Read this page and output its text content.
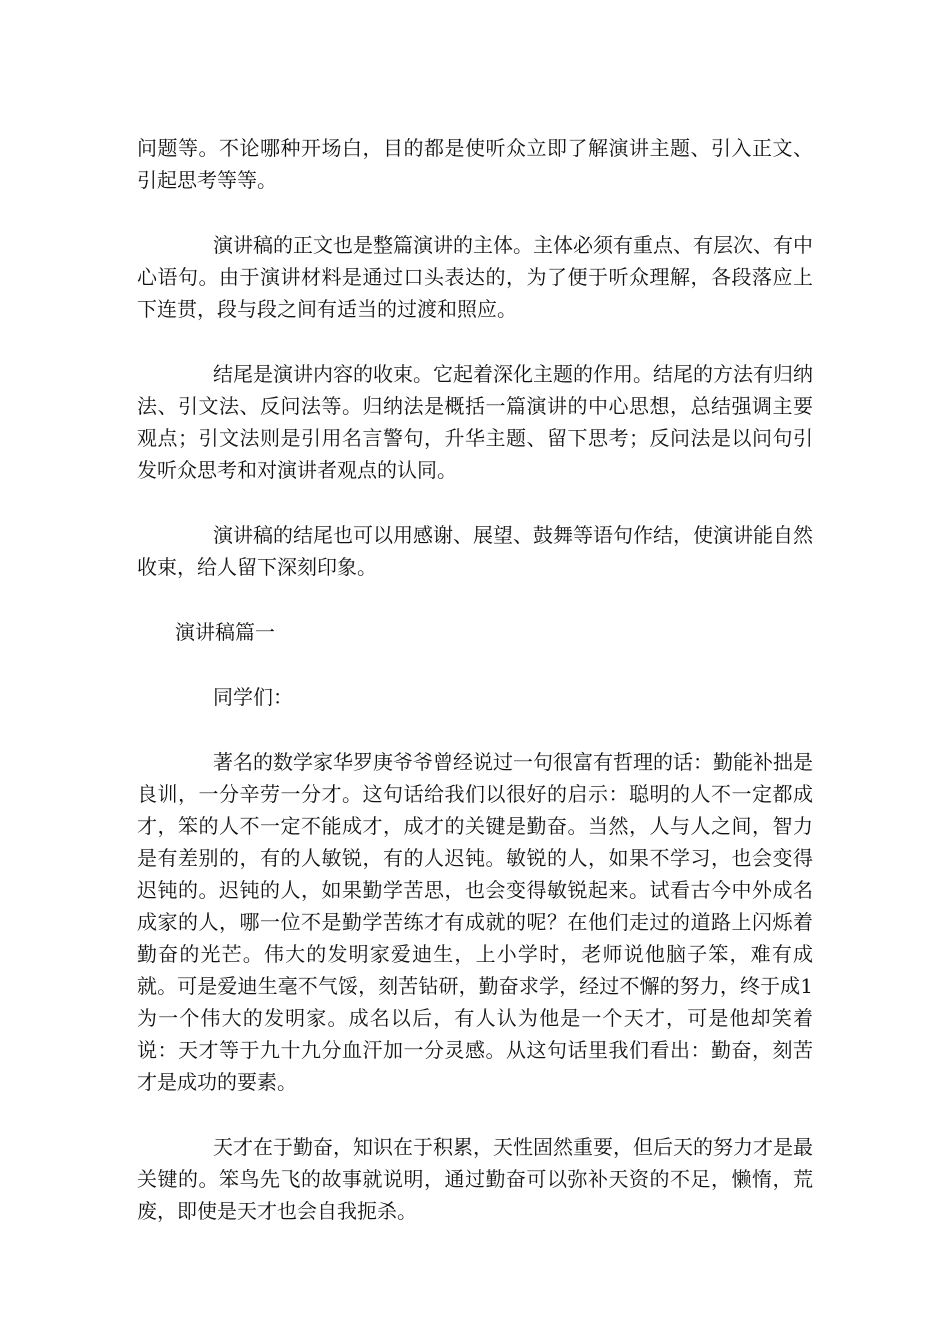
问题等。不论哪种开场白，目的都是使听众立即了解演讲主题、引入正文、引起思考等等。

演讲稿的正文也是整篇演讲的主体。主体必须有重点、有层次、有中心语句。由于演讲材料是通过口头表达的，为了便于听众理解，各段落应上下连贯，段与段之间有适当的过渡和照应。

结尾是演讲内容的收束。它起着深化主题的作用。结尾的方法有归纳法、引文法、反问法等。归纳法是概括一篇演讲的中心思想，总结强调主要观点；引文法则是引用名言警句，升华主题、留下思考；反问法是以问句引发听众思考和对演讲者观点的认同。

演讲稿的结尾也可以用感谢、展望、鼓舞等语句作结，使演讲能自然收束，给人留下深刻印象。

演讲稿篇一

同学们：

著名的数学家华罗庚爷爷曾经说过一句很富有哲理的话：勤能补拙是良训，一分辛劳一分才。这句话给我们以很好的启示：聪明的人不一定都成才，笨的人不一定不能成才，成才的关键是勤奋。当然，人与人之间，智力是有差别的，有的人敏锐，有的人迟钝。敏锐的人，如果不学习，也会变得迟钝的。迟钝的人，如果勤学苦思，也会变得敏锐起来。试看古今中外成名成家的人，哪一位不是勤学苦练才有成就的呢？在他们走过的道路上闪烁着勤奋的光芒。伟大的发明家爱迪生，上小学时，老师说他脑子笨，难有成就。可是爱迪生毫不气馁，刻苦钻研，勤奋求学，经过不懈的努力，终于成1为一个伟大的发明家。成名以后，有人认为他是一个天才，可是他却笑着说：天才等于九十九分血汗加一分灵感。从这句话里我们看出：勤奋，刻苦才是成功的要素。

天才在于勤奋，知识在于积累，天性固然重要，但后天的努力才是最关键的。笨鸟先飞的故事就说明，通过勤奋可以弥补天资的不足，懒惰，荒废，即使是天才也会自我扼杀。
